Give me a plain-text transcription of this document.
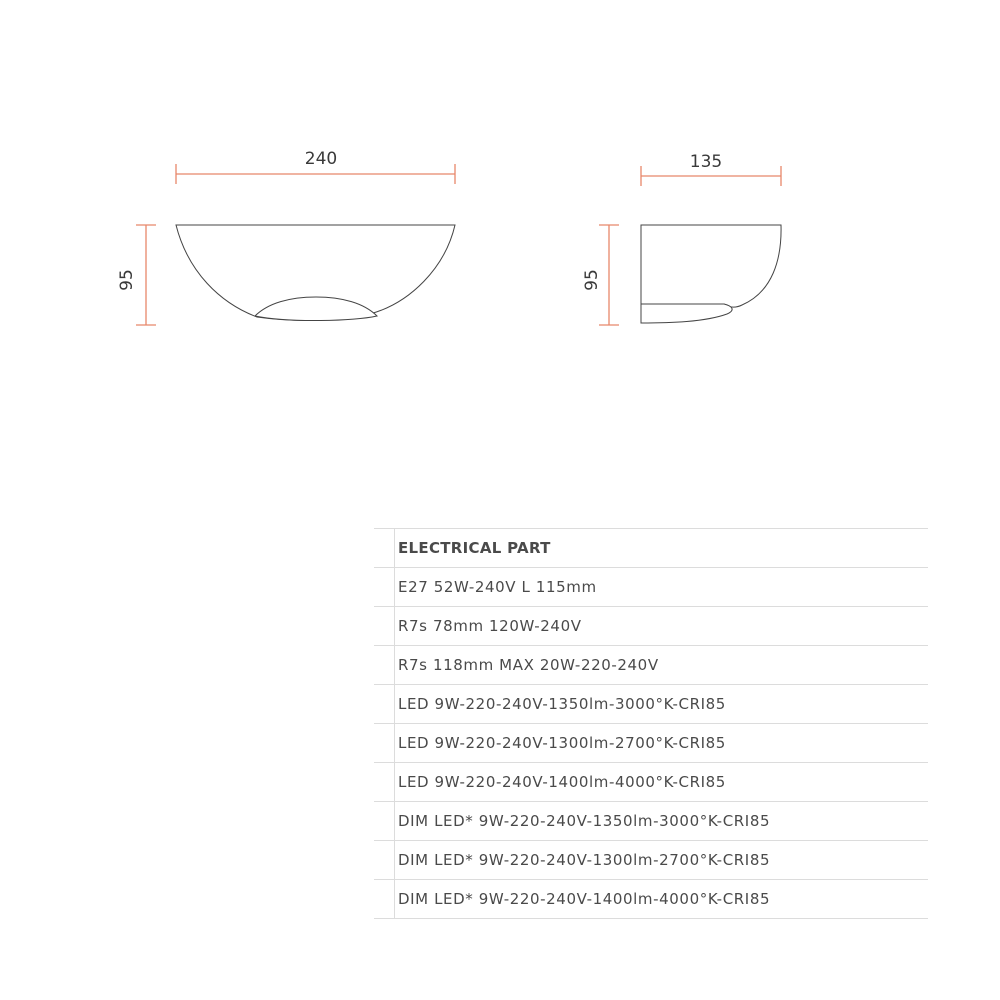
240
95
135
95
ELECTRICAL PART
E27 52W-240V L 115mm
R7s 78mm 120W-240V
R7s 118mm MAX 20W-220-240V
LED 9W-220-240V-1350lm-3000°K-CRI85
LED 9W-220-240V-1300lm-2700°K-CRI85
LED 9W-220-240V-1400lm-4000°K-CRI85
DIM LED* 9W-220-240V-1350lm-3000°K-CRI85
DIM LED* 9W-220-240V-1300lm-2700°K-CRI85
DIM LED* 9W-220-240V-1400lm-4000°K-CRI85
